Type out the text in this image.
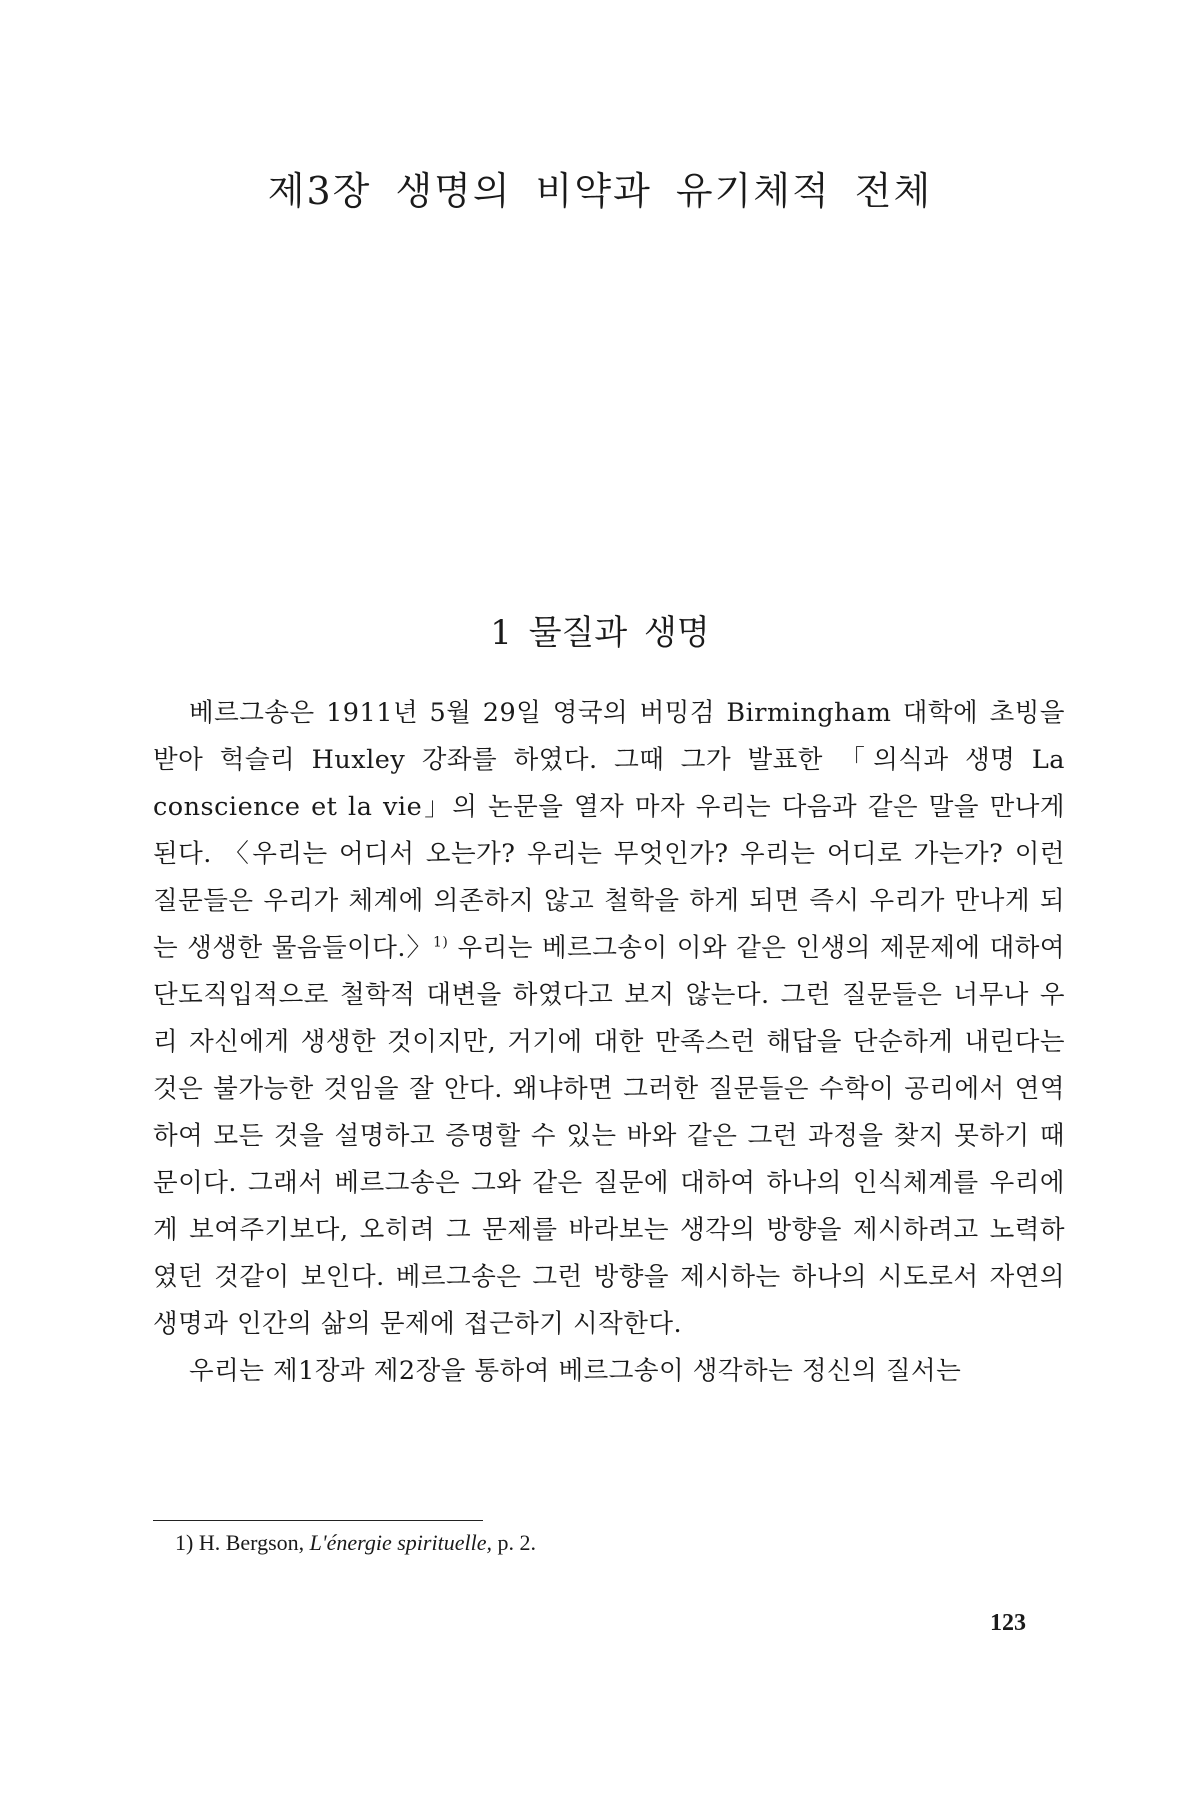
제3장 생명의 비약과 유기체적 전체
1 물질과 생명

베르그송은 1911년 5월 29일 영국의 버밍검 Birmingham 대학에 초빙을 받아 헉슬리 Huxley 강좌를 하였다. 그때 그가 발표한 「의식과 생명 La conscience et la vie」의 논문을 열자 마자 우리는 다음과 같은 말을 만나게 된다. 〈우리는 어디서 오는가? 우리는 무엇인가? 우리는 어디로 가는가? 이런 질문들은 우리가 체계에 의존하지 않고 철학을 하게 되면 즉시 우리가 만나게 되는 생생한 물음들이다.〉$^{1)}$ 우리는 베르그송이 이와 같은 인생의 제문제에 대하여 단도직입적으로 철학적 대변을 하였다고 보지 않는다. 그런 질문들은 너무나 우리 자신에게 생생한 것이지만, 거기에 대한 만족스런 해답을 단순하게 내린다는 것은 불가능한 것임을 잘 안다. 왜냐하면 그러한 질문들은 수학이 공리에서 연역하여 모든 것을 설명하고 증명할 수 있는 바와 같은 그런 과정을 찾지 못하기 때문이다. 그래서 베르그송은 그와 같은 질문에 대하여 하나의 인식체계를 우리에게 보여주기보다, 오히려 그 문제를 바라보는 생각의 방향을 제시하려고 노력하였던 것같이 보인다. 베르그송은 그런 방향을 제시하는 하나의 시도로서 자연의 생명과 인간의 삶의 문제에 접근하기 시작한다.

우리는 제1장과 제2장을 통하여 베르그송이 생각하는 정신의 질서는

1) H. Bergson, L'énergie spirituelle, p. 2.
123
